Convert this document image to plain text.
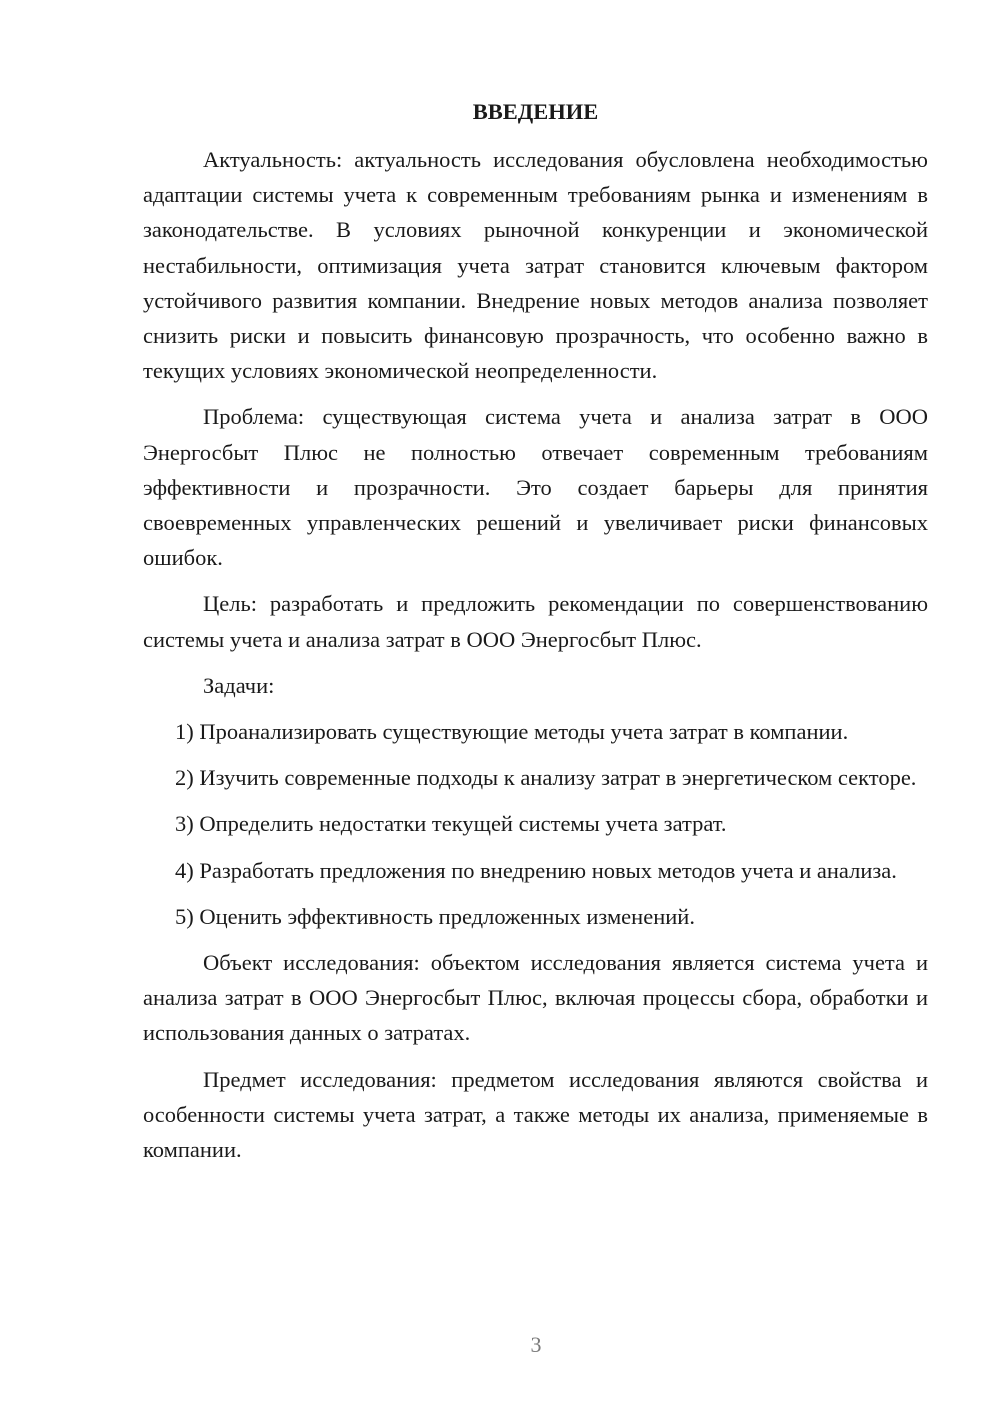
ВВЕДЕНИЕ

Актуальность: актуальность исследования обусловлена необходимостью адаптации системы учета к современным требованиям рынка и изменениям в законодательстве. В условиях рыночной конкуренции и экономической нестабильности, оптимизация учета затрат становится ключевым фактором устойчивого развития компании. Внедрение новых методов анализа позволяет снизить риски и повысить финансовую прозрачность, что особенно важно в текущих условиях экономической неопределенности.

Проблема: существующая система учета и анализа затрат в ООО Энергосбыт Плюс не полностью отвечает современным требованиям эффективности и прозрачности. Это создает барьеры для принятия своевременных управленческих решений и увеличивает риски финансовых ошибок.

Цель: разработать и предложить рекомендации по совершенствованию системы учета и анализа затрат в ООО Энергосбыт Плюс.

Задачи:

1) Проанализировать существующие методы учета затрат в компании.

2) Изучить современные подходы к анализу затрат в энергетическом секторе.

3) Определить недостатки текущей системы учета затрат.

4) Разработать предложения по внедрению новых методов учета и анализа.

5) Оценить эффективность предложенных изменений.

Объект исследования: объектом исследования является система учета и анализа затрат в ООО Энергосбыт Плюс, включая процессы сбора, обработки и использования данных о затратах.

Предмет исследования: предметом исследования являются свойства и особенности системы учета затрат, а также методы их анализа, применяемые в компании.

3
